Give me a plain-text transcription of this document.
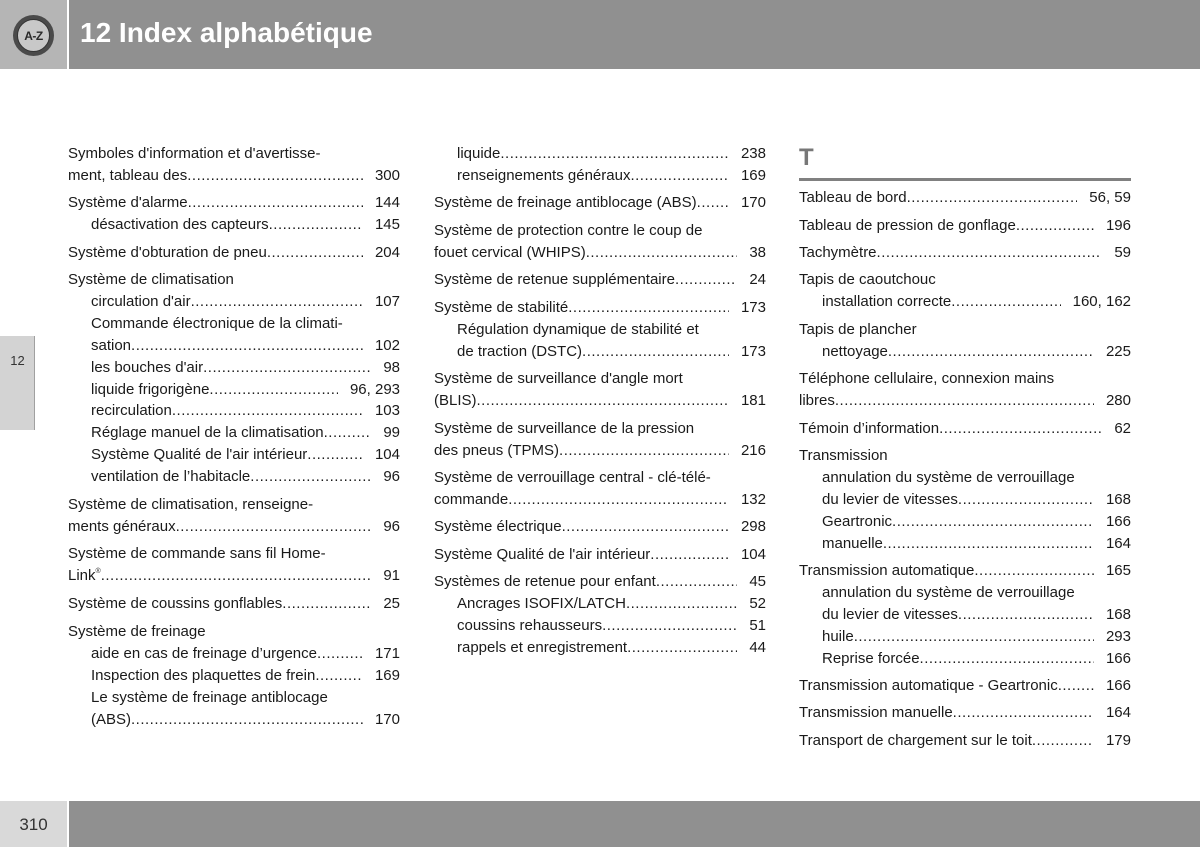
A-Z 12 Index alphabétique
12
Symboles d'information et d'avertisse-
ment, tableau des .....	300
Système d'alarme .....	144
désactivation des capteurs .....	145
Système d'obturation de pneu .....	204
Système de climatisation
circulation d'air .....	107
Commande électronique de la climati-
sation .....	102
les bouches d'air .....	98
liquide frigorigène .....	96, 293
recirculation .....	103
Réglage manuel de la climatisation .....	99
Système Qualité de l'air intérieur .....	104
ventilation de l’habitacle .....	96
Système de climatisation, renseigne-
ments généraux .....	96
Système de commande sans fil Home-
Link® .....	91
Système de coussins gonflables .....	25
Système de freinage
aide en cas de freinage d’urgence .....	171
Inspection des plaquettes de frein .....	169
Le système de freinage antiblocage
(ABS) .....	170
liquide .....	238
renseignements généraux .....	169
Système de freinage antiblocage (ABS) .....	170
Système de protection contre le coup de
fouet cervical (WHIPS) .....	38
Système de retenue supplémentaire .....	24
Système de stabilité .....	173
Régulation dynamique de stabilité et
de traction (DSTC) .....	173
Système de surveillance d'angle mort
(BLIS) .....	181
Système de surveillance de la pression
des pneus (TPMS) .....	216
Système de verrouillage central - clé-télé-
commande .....	132
Système électrique .....	298
Système Qualité de l'air intérieur .....	104
Systèmes de retenue pour enfant .....	45
Ancrages ISOFIX/LATCH .....	52
coussins rehausseurs .....	51
rappels et enregistrement .....	44
T
Tableau de bord .....	56, 59
Tableau de pression de gonflage .....	196
Tachymètre .....	59
Tapis de caoutchouc
installation correcte .....	160, 162
Tapis de plancher
nettoyage .....	225
Téléphone cellulaire, connexion mains
libres .....	280
Témoin d’information .....	62
Transmission
annulation du système de verrouillage
du levier de vitesses .....	168
Geartronic .....	166
manuelle .....	164
Transmission automatique .....	165
annulation du système de verrouillage
du levier de vitesses .....	168
huile .....	293
Reprise forcée .....	166
Transmission automatique - Geartronic .....	166
Transmission manuelle .....	164
Transport de chargement sur le toit .....	179
310
